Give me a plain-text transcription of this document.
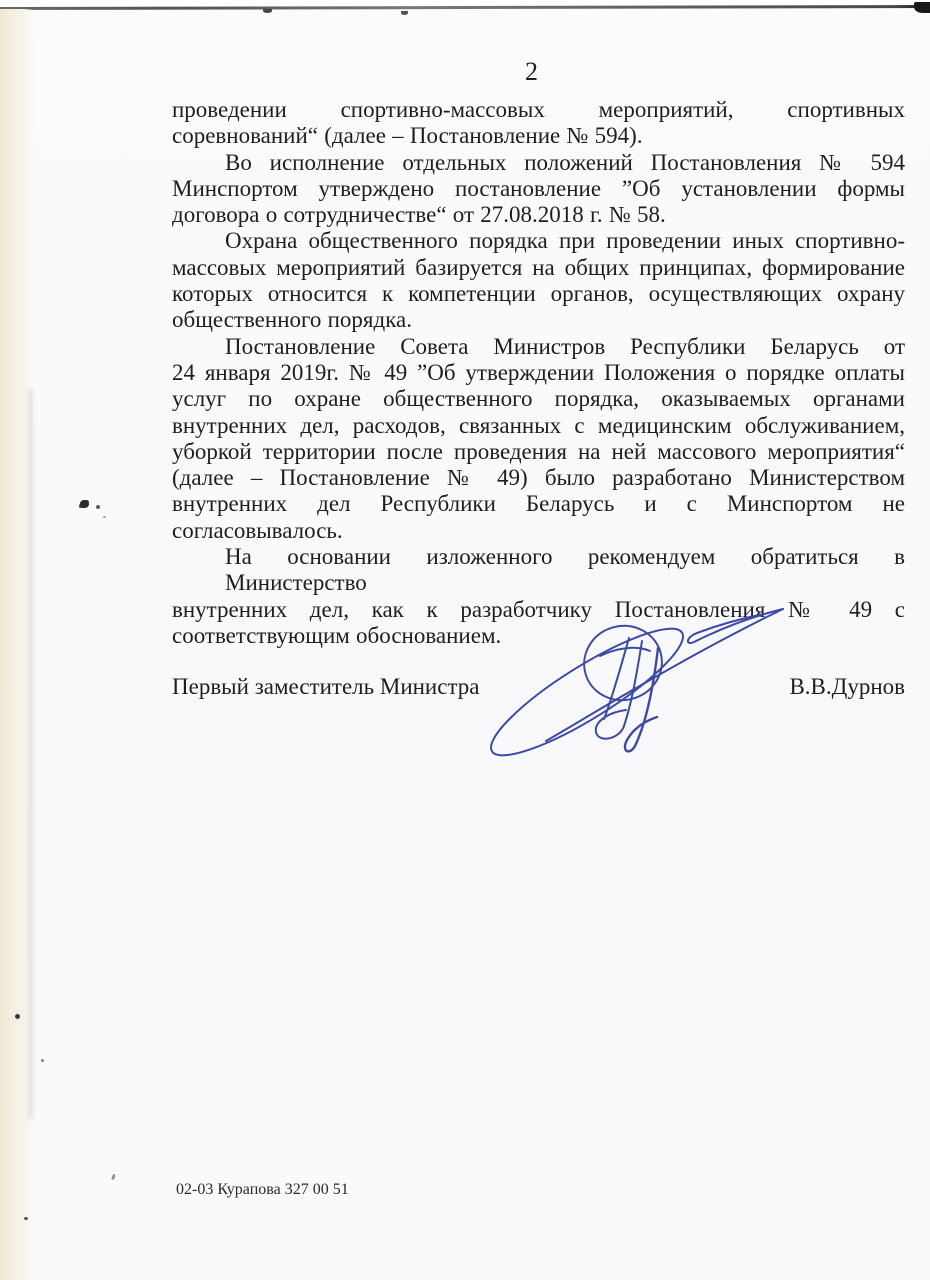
2
проведении спортивно-массовых мероприятий, спортивных
соревнований“ (далее – Постановление № 594).
Во исполнение отдельных положений Постановления № 594
Минспортом утверждено постановление ”Об установлении формы
договора о сотрудничестве“ от 27.08.2018 г. № 58.
Охрана общественного порядка при проведении иных спортивно-
массовых мероприятий базируется на общих принципах, формирование
которых относится к компетенции органов, осуществляющих охрану
общественного порядка.
Постановление Совета Министров Республики Беларусь от
24 января 2019г. № 49 ”Об утверждении Положения о порядке оплаты
услуг по охране общественного порядка, оказываемых органами
внутренних дел, расходов, связанных с медицинским обслуживанием,
уборкой территории после проведения на ней массового мероприятия“
(далее – Постановление № 49) было разработано Министерством
внутренних дел Республики Беларусь и с Минспортом не
согласовывалось.
На основании изложенного рекомендуем обратиться в Министерство
внутренних дел, как к разработчику Постановления № 49 с
соответствующим обоснованием.
Первый заместитель Министра	В.В.Дурнов
02-03 Курапова 327 00 51
